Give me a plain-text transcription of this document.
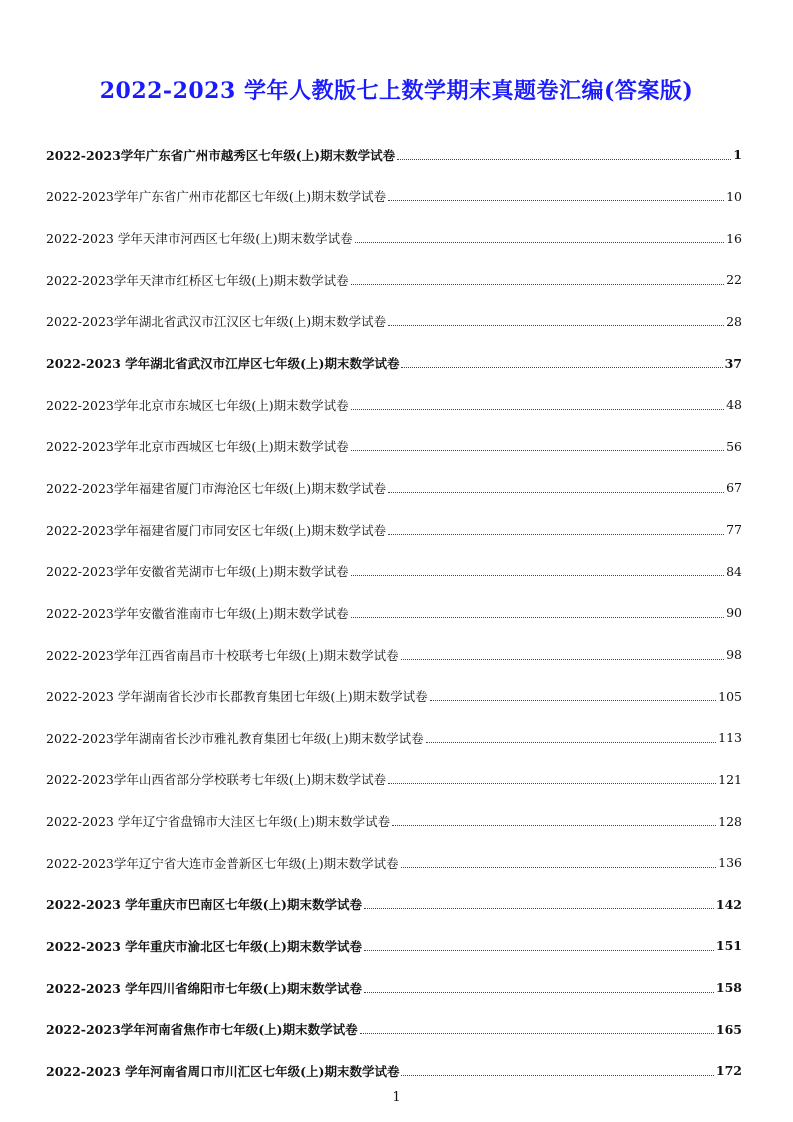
2022-2023 学年人教版七上数学期末真题卷汇编(答案版)
2022-2023学年广东省广州市越秀区七年级(上)期末数学试卷	1
2022-2023学年广东省广州市花都区七年级(上)期末数学试卷	10
2022-2023 学年天津市河西区七年级(上)期末数学试卷	16
2022-2023学年天津市红桥区七年级(上)期末数学试卷	22
2022-2023学年湖北省武汉市江汉区七年级(上)期末数学试卷	28
2022-2023 学年湖北省武汉市江岸区七年级(上)期末数学试卷	37
2022-2023学年北京市东城区七年级(上)期末数学试卷	48
2022-2023学年北京市西城区七年级(上)期末数学试卷	56
2022-2023学年福建省厦门市海沧区七年级(上)期末数学试卷	67
2022-2023学年福建省厦门市同安区七年级(上)期末数学试卷	77
2022-2023学年安徽省芜湖市七年级(上)期末数学试卷	84
2022-2023学年安徽省淮南市七年级(上)期末数学试卷	90
2022-2023学年江西省南昌市十校联考七年级(上)期末数学试卷	98
2022-2023 学年湖南省长沙市长郡教育集团七年级(上)期末数学试卷	105
2022-2023学年湖南省长沙市雅礼教育集团七年级(上)期末数学试卷	113
2022-2023学年山西省部分学校联考七年级(上)期末数学试卷	121
2022-2023 学年辽宁省盘锦市大洼区七年级(上)期末数学试卷	128
2022-2023学年辽宁省大连市金普新区七年级(上)期末数学试卷	136
2022-2023 学年重庆市巴南区七年级(上)期末数学试卷	142
2022-2023 学年重庆市渝北区七年级(上)期末数学试卷	151
2022-2023 学年四川省绵阳市七年级(上)期末数学试卷	158
2022-2023学年河南省焦作市七年级(上)期末数学试卷	165
2022-2023 学年河南省周口市川汇区七年级(上)期末数学试卷	172
1
